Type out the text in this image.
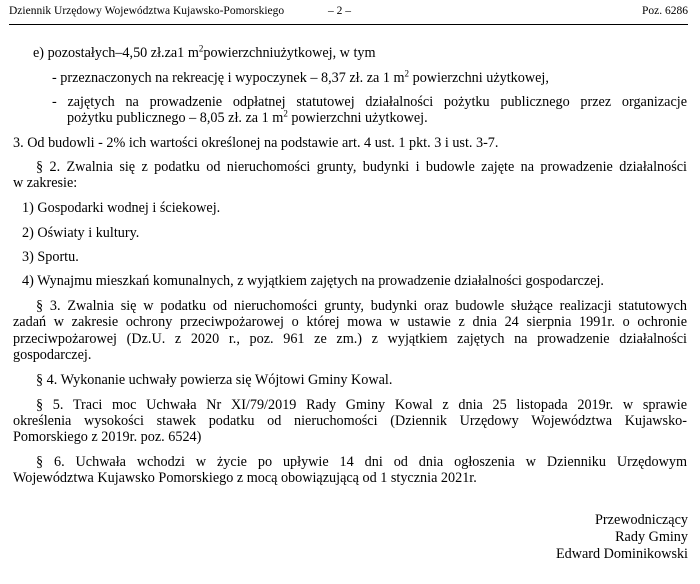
Dziennik Urzędowy Województwa Kujawsko-Pomorskiego	– 2 –	Poz. 6286
e) pozostałych–4,50 zł.za1 $m^2powierzchniużytkowej$, w tym
- przeznaczonych na rekreację i wypoczynek – 8,37 zł. za 1 $m^2$ powierzchni użytkowej,
- zajętych na prowadzenie odpłatnej statutowej działalności pożytku publicznego przez organizacje
pożytku publicznego – 8,05 zł. za 1 $m^2$ powierzchni użytkowej.
3. Od budowli - 2% ich wartości określonej na podstawie art. 4 ust. 1 pkt. 3 i ust. 3-7.
§ 2. Zwalnia się z podatku od nieruchomości grunty, budynki i budowle zajęte na prowadzenie działalności
w zakresie:
1) Gospodarki wodnej i ściekowej.
2) Oświaty i kultury.
3) Sportu.
4) Wynajmu mieszkań komunalnych, z wyjątkiem zajętych na prowadzenie działalności gospodarczej.
§ 3. Zwalnia się w podatku od nieruchomości grunty, budynki oraz budowle służące realizacji statutowych
zadań w zakresie ochrony przeciwpożarowej o której mowa w ustawie z dnia 24 sierpnia 1991r. o ochronie
przeciwpożarowej (Dz.U. z 2020 r., poz. 961 ze zm.) z wyjątkiem zajętych na prowadzenie działalności
gospodarczej.
§ 4. Wykonanie uchwały powierza się Wójtowi Gminy Kowal.
§ 5. Traci moc Uchwała Nr XI/79/2019 Rady Gminy Kowal z dnia 25 listopada 2019r. w sprawie
określenia wysokości stawek podatku od nieruchomości (Dziennik Urzędowy Województwa Kujawsko-
Pomorskiego z 2019r. poz. 6524)
§ 6. Uchwała wchodzi w życie po upływie 14 dni od dnia ogłoszenia w Dzienniku Urzędowym
Województwa Kujawsko Pomorskiego z mocą obowiązującą od 1 stycznia 2021r.
Przewodniczący
Rady Gminy
Edward Dominikowski
